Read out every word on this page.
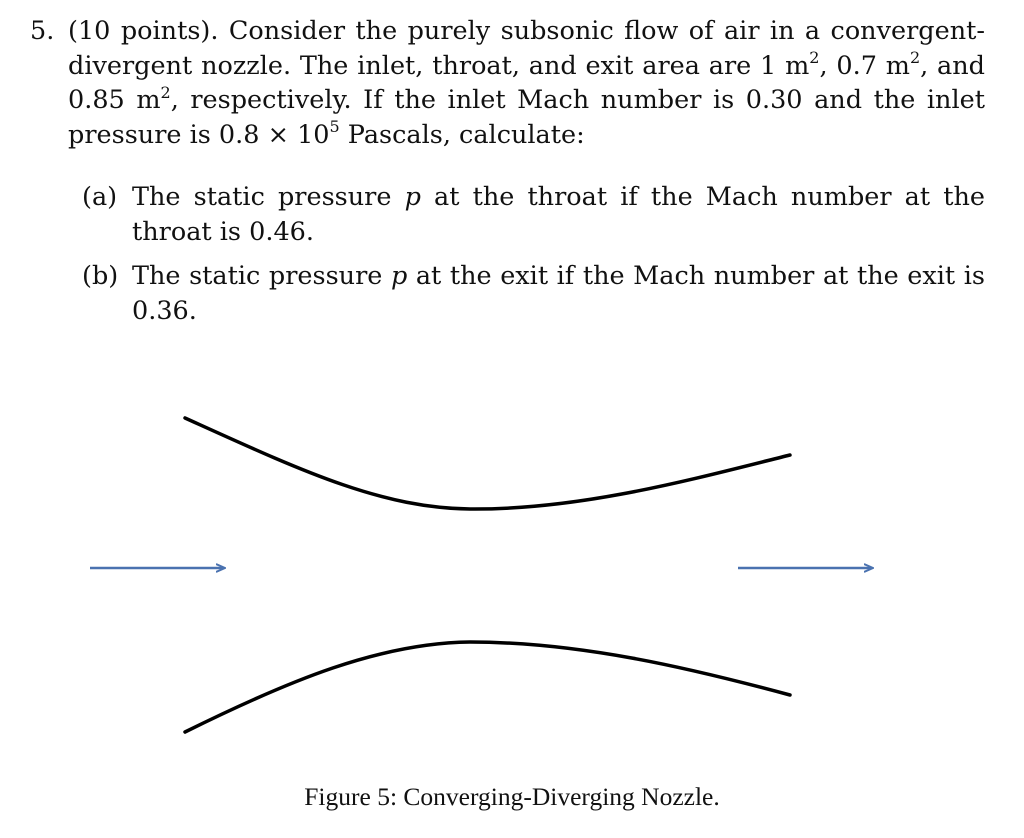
5. (10 points). Consider the purely subsonic flow of air in a convergent-divergent nozzle. The inlet, throat, and exit area are 1 $m^2$, 0.7 $m^2$, and 0.85 $m^2$, respectively. If the inlet Mach number is 0.30 and the inlet pressure is $0.8 \times 10^5$ Pascals, calculate:
(a) The static pressure p at the throat if the Mach number at the throat is 0.46.
(b) The static pressure p at the exit if the Mach number at the exit is 0.36.
Figure 5: Converging-Diverging Nozzle.
